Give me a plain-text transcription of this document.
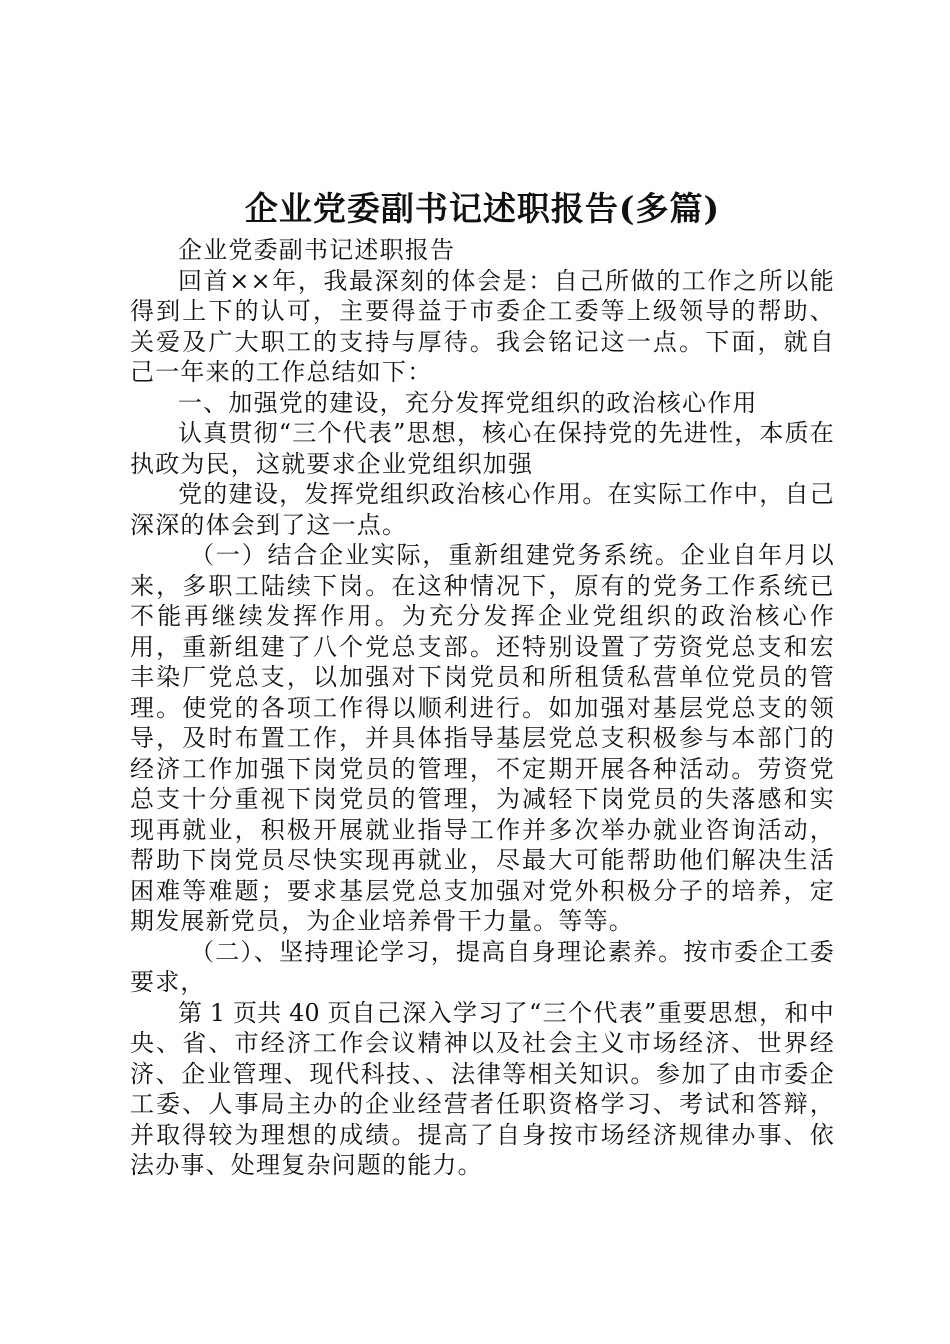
企业党委副书记述职报告(多篇)

企业党委副书记述职报告

回首××年，我最深刻的体会是：自己所做的工作之所以能得到上下的认可，主要得益于市委企工委等上级领导的帮助、关爱及广大职工的支持与厚待。我会铭记这一点。下面，就自己一年来的工作总结如下：

一、加强党的建设，充分发挥党组织的政治核心作用

认真贯彻“三个代表”思想，核心在保持党的先进性，本质在执政为民，这就要求企业党组织加强

党的建设，发挥党组织政治核心作用。在实际工作中，自己深深的体会到了这一点。

（一）结合企业实际，重新组建党务系统。企业自年月以来，多职工陆续下岗。在这种情况下，原有的党务工作系统已不能再继续发挥作用。为充分发挥企业党组织的政治核心作用，重新组建了八个党总支部。还特别设置了劳资党总支和宏丰染厂党总支，以加强对下岗党员和所租赁私营单位党员的管理。使党的各项工作得以顺利进行。如加强对基层党总支的领导，及时布置工作，并具体指导基层党总支积极参与本部门的经济工作加强下岗党员的管理，不定期开展各种活动。劳资党总支十分重视下岗党员的管理，为减轻下岗党员的失落感和实现再就业，积极开展就业指导工作并多次举办就业咨询活动，帮助下岗党员尽快实现再就业，尽最大可能帮助他们解决生活困难等难题；要求基层党总支加强对党外积极分子的培养，定期发展新党员，为企业培养骨干力量。等等。

（二）、坚持理论学习，提高自身理论素养。按市委企工委要求，

第 1 页共 40 页自己深入学习了“三个代表”重要思想，和中央、省、市经济工作会议精神以及社会主义市场经济、世界经济、企业管理、现代科技、、法律等相关知识。参加了由市委企工委、人事局主办的企业经营者任职资格学习、考试和答辩，并取得较为理想的成绩。提高了自身按市场经济规律办事、依法办事、处理复杂问题的能力。
